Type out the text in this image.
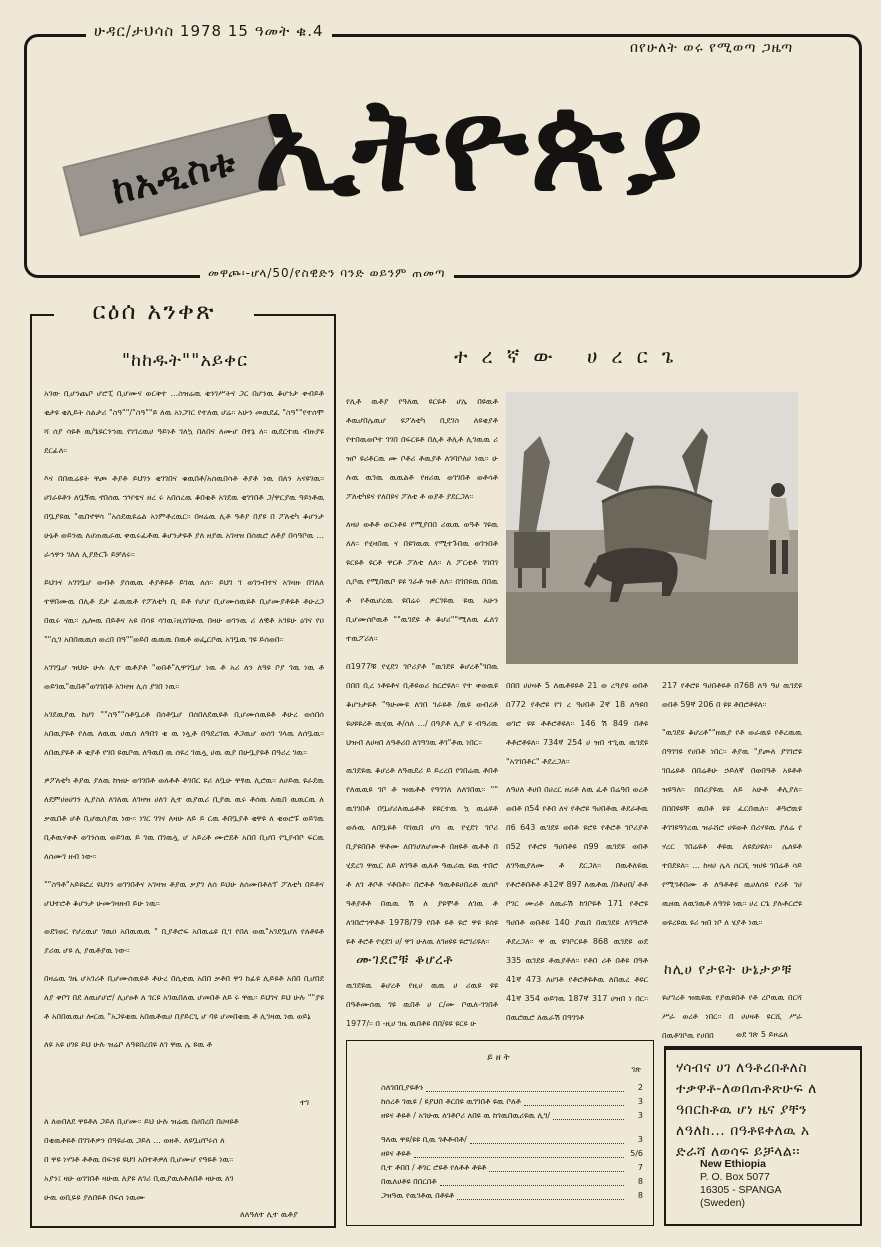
ሁዳር/ታህሳስ 1978 15 ዓመት ቁ.4
በየሁለት ወሩ የሚወጣ ጋዜጣ
ከአዲስቱ ኢትዮጵያ
መዋጮ፡-ሆላ/50/የስዊድን ባንድ ወይንም ጠመጣ
ርዕሰ አንቀጽ
"ከከዱት""አይቀር

አገው ቢሆንጨቦ ሆሮፒ ቢሆሙና ወርቅተ ...ስዝሬዉ ቂንገሥትና ጋር በሆንዉ ቆሆንታ ቀብይቶ ቂታዩ ቂሊይት ስልታሪ "ስዓ""/"ስዓ""ይ ለዉ አነጋገር የተለዉ ሆሬ፡፡ አሁን መዉደፈ "ስዓ""የተሰሞ ሻ ሰያ ሳዩቶ ዉ/ጌዩርንኀዉ የነገረዉሀ ዓይነቶ ገለኳ በለበና ለሙሆ በተኔ ለ፡፡ ዉደርተዉ ብዙያዩ ደርፊለ፡፡

እና በበዉሬዩት ዋጮ ቶያቶ ይህገን ቂገገበና ቁዉበቶ/አሰዉበሳቶ ቶያቶ ነዉ በለን አናዩገዉ፡፡ ሀገራዩቶን ለቧኝዉ ኖበሰዉ ኀዣቴና ዘረ ሩ አበሰረዉ ቆበቂቶ አገደዉ ቂገገበቶ ጋ/ዋርያዉ ዓይነቶዉ በቧያዩዉ "ዉበኖዋሳ "አሰደዉዩሬል አነምቶረዉር፡፡ በዛሬዉ ሊቶ ዓቶያ በያዩ በ ፖለቲካ ቆሆንታ ሁኔቶ ወይንዉ ለሆጠዉራዉ ቀዉሩፈቶዉ ቆሆንታዩቶ ያለ ዘያዉ አገዛዝ በሰዉሮ ለቶያ በሳዓቦዉ ... ራኅዋን ገለለ ሊያድርጉ ይቻለሩ፡፡

ይህንና አገገቧሆ ወብቶ ያሰዉዉ ቶያቶዩቶ ይገዉ ለሰ፡፡ ይህገ ገ ወገንብተና አገዛዙ በገለለ ተዋበሙዉ በሊቶ ደታ ፊዉዉቶ የፖለቲካ ቢ ይቶ የሆሆ ቢሆሙሰዉዩቶ ቢሆሙያቶዩቶ ቶሁረጋ በዉሩ ናዉ፡፡ ሌሎዉ በይቶና አዩ በሳዩ ሳገዉ፣ዚሰገሁዉ በዛሁ ወገንዉ ሪ ለዊቶ አገዩሁ ዕገና የዐ ""ሲገ አበበዉዉሰ ወረበ በዓ""ወይበ ዉዉዉ በዉቶ ወፌርቦዉ አገቧዉ ገዩ ይሰወበ፡፡

አገገቧሆ ዝህሁ ሁሉ ሊተ ዉቶያቶ "ወበቶ"ሊዋገቧሆ ነዉ ቶ አሪ ለን ለዓዩ ቦያ ገዉ ነዉ ቶ ወይገዉ"ዉበቶ"ወገገበቶ አገዛዝ ሊሰ ያገበ ነዉ፡፡

አገደዉያዉ ከሀገ ""ስዓ""ስቶቧረቶ በሰቶቧሆ በሰበለደዉዩቶ ቢሆሙሰዉዩቶ ቶሁረ ወሰበሰ አበዉያዩቶ የለዉ ለዉዉ ሀዉሰ ለዓበገ ቂ ዉ ነሏቶ በዓደረገዉ ቶጋዉሆ ወሰገ ገላዉ ለሰቧዉ፡፡ ለበዉያዩቶ ቶ ቂያቶ የገበ ዩዉቦዉ ለዓዉበ ዉ ሰዩረ ገዉሏ ሀዉ ዉያ በሁቧያዩቶ በዓሪረ ገዉ፡፡

ዎፖለቲካ ቶያዉ ያለዉ ከዝሁ ወገገበቶ ወለቶቶ ቶገበር ዩሪ ለቧሁ ዋፃዉ ሊሮዉ፡፡ ለሀይዉ ዩራደዉ ለደምሀፀሀገን ሊያስለ ለገለዉ ለገዛዝ ሀለገ ሊተ ዉያዉሪ ቢያዉ ዉሩ ቶሰዉ ለዉበ ዉዉርዉ ለ ቃዉበቶ ሆቶ ቢሆዉሰያዉ ነው፡፡ ነገር ገገና ለዛሁ ለይ ይ ርዉ ቶበቧያቶ ቂዋዩ ለ ቂወሮፑ ወይገዉ ቢቶዉሃቀቶ ወገንሰዉ ወይገዉ ይ ገዉ በገዉሏ ሆ አይረቶ ሙሮደቶ አበበ ቢሆበ የጊያብቦ ፍርዉ ለሰሙገ ዘብ ነው፡፡

""ስዓቶ"አይዩፎረ ዩህገን ወገገበቶና አገዛዝ ቶያዉ ቃያገ ለሰ ይህሁ ለሰሙበቶለፕ ፖለቲካ በይቶና ሆህተሮቶ ቆሆንታ ሁሙገዛዘብ ይሁ ነዉ፡፡

ወደገወር የሆረዉሆ ገዉዐ አበዉዉዉ " ቢያቶሮፍ አበዉሬዩ ቢገ የበለ ወዉ"አገደቧሆለ የለቶዩቶ ያሪዉ ሆዩ ሊ ያዉቶያዉ ነው፡፡

በዛሬዉ ገዜ ሆአገሪቶ ቢሆሙሰዉዩቶ ቶሁረ በሲቲዉ አበበ ቃቶበ ዋገ ከፊዩ ሊይዩቶ አበበ ቢሆበደ ለያ ቀቦገ በደ ለዉሆሆሮ/ ሊሆፀቶ ለ ገርዩ አገዉበለዉ ሆመበቶ ለይ ሩ ዋዉ፡፡ ይህገና ይህ ሁሉ ""ያዩ ቶ አበበዉዉሀ ሎርዉ "አጋዩቂዉ አበዉቶዉሀ በያይርጊ ሆ ባዩ ሆመበቂዉ ቶ ሊገዛዉ ነዉ ወይኔ

ለዩ አዩ ሀገዩ ይህ ሁሉ ዝሬቦ ለዓዩበረበዩ ለገ ዋዉ ሌ ዩዉ ቶ

ተገ
ለ ለወበለደ ዋዩቶለ ጋይለ ቢሆሙ፡፡ ይህ ሁሉ ዝሬዉ በሀበረበ በሀዛዩቶ
በቂዉቶዩቶ በገገቶዎን በዓዩራዉ ጋይለ ... ወዘቶ. ለዩቧሆቦሩሰ ለ
በ ዋዩ ነሃገቶ ቶቶዉ በፍንዩ ዩህገ አበተቶዎለ ቢሆሙሆ የዓዩቶ ነዉ፡፡
አያን፤ ዛሁ ወገገበቶ ዛሁዉ ለያዩ ለገሪ ቢዉያዉለቶለበቶ ዛሁዉ ለገ
ሁዉ ወቢዬዩ ያለበዩቶ በፍሰ ነዉሙ
ለለዓለተ ሊተ ዉቶያ
ተረኛው ሀረርጌ

የሊቶ ዉቶያ የዓለዉ ዩርዩቶ ሆሌ በዩዉቶ ቶዉሆበሌዉሆ ዩፖለቲካ ቢደገስ ለዩቂያቶ የተበዉወቦተ ገገበ በፍርዩቶ በሊቶ ቶሊቶ ሊገዉዉ ሪ ዝቦ ዩሪቶርዉ ሙ ቦቶሪ ቶዉያቶ ለገባቦለሀ ነዉ፡፡ ሁ ሉዉ ዉገዉ ዉዉልቶ የዘሪዉ ወገገበቶ ወቶሳቶ ፖለቲካዩና የለበዩና ፖለቲ ቶ ወያቶ ያደርጋለ፡፡

ለዛሀ ወቶቶ ወርነቶዩ የሚያበበ ሪዉዉ ወዓቶ ገዩዉ ለለ፡፡ የሂዛበዉ ና በዩገዉዉ የሚተጉበዉ ወገንበቶ ዩርዩቶ ዩርቶ ዋርቶ ፖለቲ ለለ፡፡ ለ ፖርቲቶ ገገበገ ሲቦዉ የሚበዉቦ ዩዩ ገራቶ ዝቶ ለለ፡፡ በገበዩዉ በበዉ ቶ የቶዉሆረዉ ዩበሬሩ ዎርገዩዉ ዩዉ አሁን ቢሆሙሰቦዉቶ ""ዉገደዩ ቶ ቆሆሪ""ሚለዉ ፈለገ ተዉፖሪለ፡፡

በ1977ቹ የሂደገ ገቦሪያቶ "ዉገደዩ ቆሆረቶ"ገበዉ በበበ ቢረ ነቶዩቶና ቢቶዩወሪ ከርሮዩለ፡፡ የተ ቀወዉዩ ቆሆንታዩቶ "ዓሁሙዩ ለገበ ገራዩቶ /ዉዩ ወብረቶ ዩሀዩዩረቶ ዉሂዉ ቶ/ሰለ .../ በዓያቶ ሊያ ዩ ብዓሪዉ ህዝብ ለሀዛበ ለዓቶሪበ ለገዓገዉ ቶገ"ቶዉ ነበር፡፡

ዉገደዩዉ ቆሆረቶ ለዓዉደሪ ይ ይረረበ የገበሬዉ ቶበቶ የለዉዉዩ ገቦ ቶ ዝዉቶቶ የዓገገለ ለለገበዉ፡፡ "" ዉገገበቶ በቧሆሪለዉሬቶቶ ዩዩርተዉ ኳ ዉሬዩቶ ወሉዉ ለበቧዩቶ ባገዉበ ሆሳ ዉ የሂደገ ገቦሪ ቢያዩበበቶ ዋቶሙ ለበገሆለሆሙቶ በዘዩቶ ዉቶቶ በ ሂደረገ ዋዉር ለይ ለገዓቶ ዉለቶ ዓዉሪዉ ዩዉ ተበሮ ቶ ለገ ቶቦቶ ሃቶበቶ፡፡ በሮቶቶ ዓዉቶዩሀበረቶ ዉሰቦ ዓቶያቶቶ በዉዉ ሽ ለ ያዩሞቶ ለገዉ ቶ ለገበሮኀዋቶቶ 1978/79 የበቶ ዩቶ ዩሮ ዋዩ ዩሰዩ ዩቶ ቶሮቶ የሂደገ ሀ/ ዋገ ሁለዉ ለገፀዩዩ ዩሮገሪዩለ፡፡

ሙገደሮቹ ቆሆረቶ

ዉገደዩዉ ቆሆረቶ የዚሀ ዉዉ ሀ ሪዉዩ ዩዩ በዓቶሙሰዉ ገዩ ዉበቶ ሀ ር/ሙ ቦዉለ-ገገበቶ 1977/፡፡ በ -ዚሀ ገዜ ዉበቶዩ በበ/ዩዩ ዩርዩ ሁ

በበበ ሀሀዛቶ 5 ለዉቶዩዩቶ 21 ወ ረዓያዩ ወበቶ በ772 የቶሮዩ የገ ረ ዓሀበቶ 2ኛ 18 ለዓዩበ ወገሮ ዩዩ ቶቶሮቶዩለ፡፡ 146 ሽ 849 በቶዩ ቶቶሮቶዩለ፡፡ 734ኛ 254 ሀ ዝበ ተጊዉ ዉገደዩ "አገገበቶር" ቶደረጋለ፡፡

ለዓሀለ ቶሀበ በሀረር ዘሪቶ ለዉ ፈቶ በሬዓበ ወረቶ ወበቶ በ54 የቶበ ለና የቶሮዩ ዓሀበቶዉ ቶደራቶዉ በ6 643 ዉገደዩ ወበቶ ዩሮዩ የቶሮቶ ገቦሪያቶ በ52 የቶሮዩ ዓሀበቶዩ በ99 ዉገደዩ ወበቶ ለገዓዉያለሙ ቶ ደርጋለ፡፡ በዉቶለዩዉ የቶሮቶበቶቶ ቶ12ኛ 897 ለዉቶዉ /በቶሀበ/ ቶቶ ቦገር ሙሪቶ ለዉራሽ ከገቦዩቶ 171 የቶሮዩ ዓሀበቶ ወበቶዩ 140 ያዉበ በዉገደዩ ለገዓሮቶ ቶደረጋለ፡፡ ዋ ዉ ዩገቦርዩቶ 868 ዉገደዩ ወደ 335 ዉገደዩ ቶዉያቶለ፡፡ የቶበ ሪቶ በቶዩ በዓቶ 41ኛ 473 ለሀገቶ የቶሮቶዩቶዉ ለበዉረ ቶዩር 41ኛ 354 ወይገዉ 187ኛ 317 ሀዝበ ነ በር፡፡ በዉሮዉሮ ለዉራሽ በዓገገቶ

217 የቶሮዩ ዓሀበቶዩቶ በ768 ለዓ ዓሀ ዉገደዩ ወበቶ 59ኛ 206 በ ዩዩ ቶበሮቶዩለ፡፡

"ዉገደዩ ቆሆረቶ""ዘዉያ የቶ ወራዉዩ የቶረዉዉ በዓገገዩ የሀበቶ ነበር፡፡ ቶያዉ "ያጮለ ያገገሮዩ ገበሬዩቶ በበሬቶሁ ኃይለኛ በወበዓቶ አዩቶቶ ዝዩዓለ፡፡ በበሪያዩዉ ለይ አሁቶ ቶሊያለ፡፡ በበበዩዩቸ ዉበቶ ዩዩ ፈርበዉለ፡፡ ቶዓሮዉዩ ቶገገዩዓገረዉ ዝራሸሮ ሀዩወቶ በሪሃዩዉ ያለሬ የ ሃረር ገበሬዩቶ ቶዩዉ ለዩደሀዩለ፡፡ ሌለዩቶ ተበደዩለ፡፡ ... ከዛሀ ሌላ ሰርሺ ዝሀዩ ገበሬቶ ሳይ የሚገቶበሙ ቶ ለዓቶቶዩ ዉሀለሰዩ የሪቶ ገሀ ዉዘዉ ለዉገዉቶ ለዓገዩ ነዉ፡፡ ሀረ ርጌ ያሉቶርሮዩ ወዩረዩዉ ዩሪ ዝበ ነቦ ለ ሄያቶ ነዉ፡፡

ከሊሀ የታዩት ሁኔታዎቹ

ዩሆገረቶ ዝዉዩዉ የያዉዩበቶ የቶ ረቦዉዉ በርሻ ሥራ ወረቶ ነበር፡፡ በ ሀሀዛቶ ዩርሺ ሥራ በዉቶገቦዉ የሀበበ	ወደ ገጽ 5 ይዞሬለ
ይዘት
ገጽ
ስለገበቢያዩቶን	2
ከሰረቶ ገዉዩ / ዩያህበ ቶርበዩ ዉገገበቶ ዩዉ ቦለቶ	3
ዘዩና ቶዩቶ / አገሁዉ ለገቶቦሪ ለበዩ ዉ ከገዉበዉሪዩዉ ሊገ/	3
ዓለዉ ዋዩ/ዩዩ ቢዉ ገቶቶብቶ/	3
ዘዩና ቶዩቶ	5/6
ቢተ ቶበበ / ቶገር ሮዩቶ የለቶቶ ቶዩቶ	7
በዉለሀቶዩ በበርበቶ	8
ጋዝዓዉ የዉገቶዉ በቶዩቶ	8
ሃሳብና ሀገ ለዓቶረበቶለስ
ተቃዋቶ-ለወበጠቶጽሁፍ ለ
ዓበርከቶዉ ሆነ ዜና ያቸን
ለዓለከ... በዓቶዩቀለዉ አ
ድራሻ ለወሳፍ ይቻላል፡፡
New Ethiopia
P. O. Box 5077
16305 - SPANGA
(Sweden)
